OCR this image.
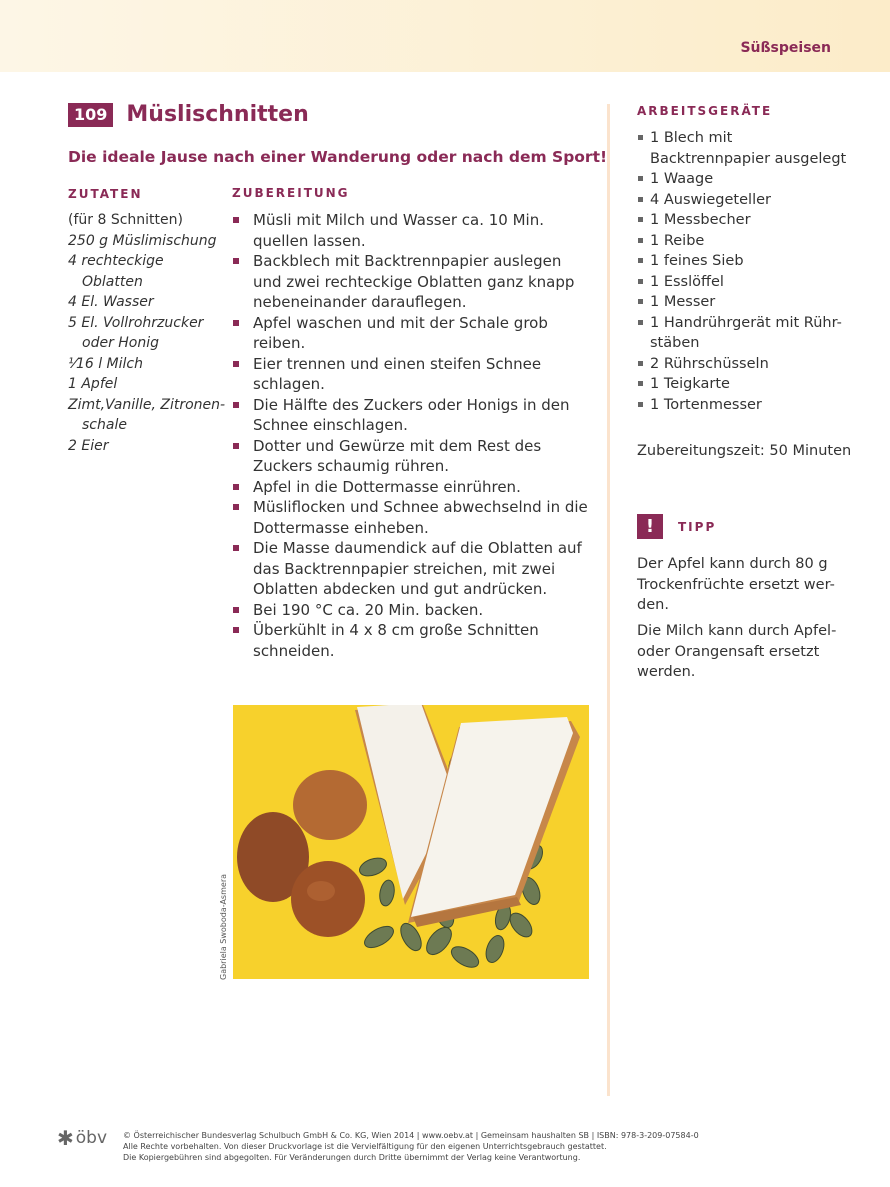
Süßspeisen
109 Müslischnitten
Die ideale Jause nach einer Wanderung oder nach dem Sport!
ZUTATEN	ZUBEREITUNG
(für 8 Schnitten)
250 g Müslimischung
4 rechteckige Oblatten
4 El. Wasser
5 El. Vollrohrzucker oder Honig
⅟16 l Milch
1 Apfel
Zimt,Vanille, Zitronen-schale
2 Eier
Müsli mit Milch und Wasser ca. 10 Min. quellen lassen.
Backblech mit Backtrennpapier auslegen und zwei rechteckige Oblatten ganz knapp nebeneinander darauflegen.
Apfel waschen und mit der Schale grob reiben.
Eier trennen und einen steifen Schnee schlagen.
Die Hälfte des Zuckers oder Honigs in den Schnee einschlagen.
Dotter und Gewürze mit dem Rest des Zuckers schaumig rühren.
Apfel in die Dottermasse einrühren.
Müsliflocken und Schnee abwechselnd in die Dottermasse einheben.
Die Masse daumendick auf die Oblatten auf das Backtrennpapier streichen, mit zwei Oblatten abdecken und gut andrücken.
Bei 190 °C ca. 20 Min. backen.
Überkühlt in 4 x 8 cm große Schnitten schneiden.
Gabriela Swoboda-Asmera
ARBEITSGERÄTE
1 Blech mit Backtrennpapier ausgelegt
1 Waage
4 Auswiegeteller
1 Messbecher
1 Reibe
1 feines Sieb
1 Esslöffel
1 Messer
1 Handrührgerät mit Rühr-stäben
2 Rührschüsseln
1 Teigkarte
1 Tortenmesser
Zubereitungszeit: 50 Minuten
!	TIPP
Der Apfel kann durch 80 g Trockenfrüchte ersetzt wer-den.
Die Milch kann durch Apfel-oder Orangensaft ersetzt werden.
✱ öbv © Österreichischer Bundesverlag Schulbuch GmbH & Co. KG, Wien 2014 | www.oebv.at | Gemeinsam haushalten SB | ISBN: 978-3-209-07584-0
Alle Rechte vorbehalten. Von dieser Druckvorlage ist die Vervielfältigung für den eigenen Unterrichtsgebrauch gestattet.
Die Kopiergebühren sind abgegolten. Für Veränderungen durch Dritte übernimmt der Verlag keine Verantwortung.
